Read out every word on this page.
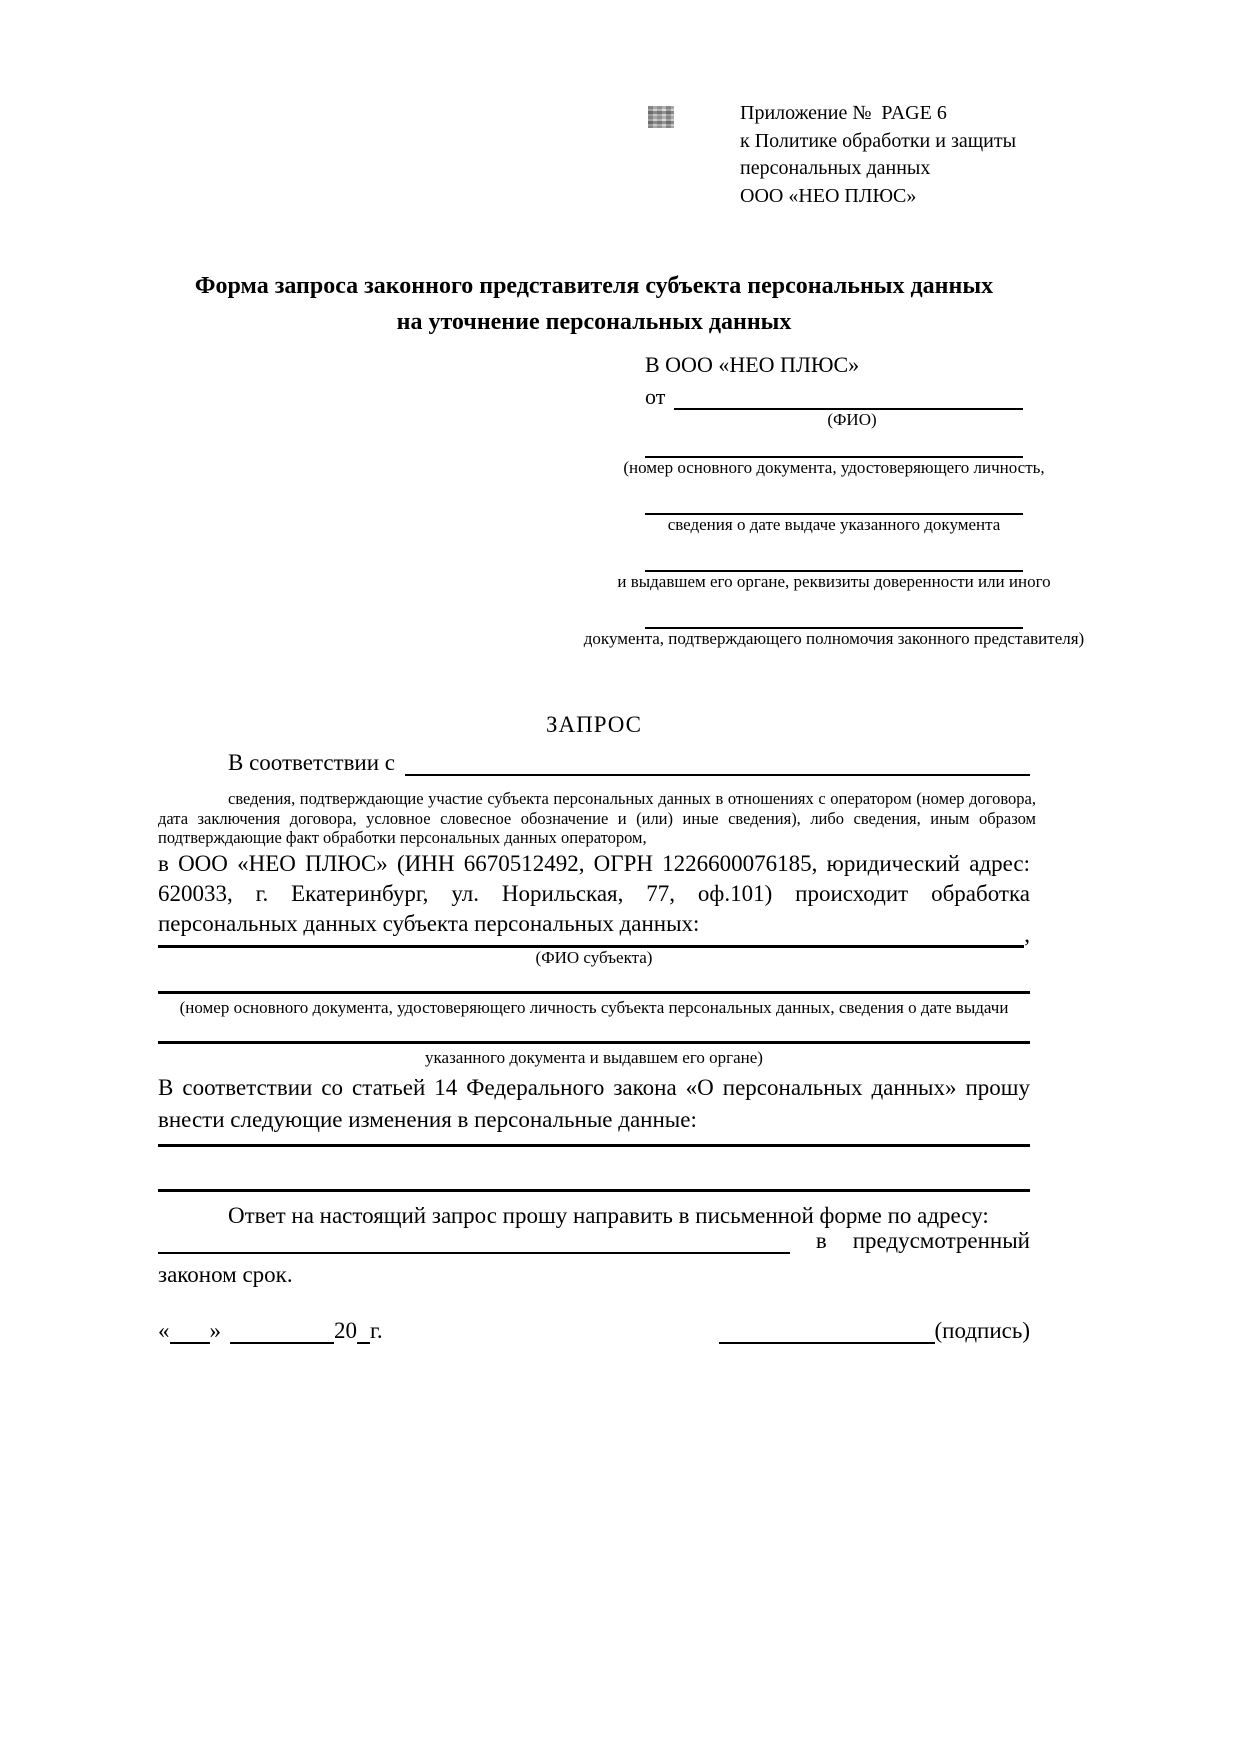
Приложение №  PAGE 6
к Политике обработки и защиты
персональных данных
ООО «НЕО ПЛЮС»
Форма запроса законного представителя субъекта персональных данных
на уточнение персональных данных
В ООО «НЕО ПЛЮС»
от
(ФИО)
(номер основного документа, удостоверяющего личность,
сведения о дате выдаче указанного документа
и выдавшем его органе, реквизиты доверенности или иного
документа, подтверждающего полномочия законного представителя)
ЗАПРОС
В соответствии с
сведения, подтверждающие участие субъекта персональных данных в отношениях с оператором (номер договора, дата заключения договора, условное словесное обозначение и (или) иные сведения), либо сведения, иным образом подтверждающие факт обработки персональных данных оператором,
в ООО «НЕО ПЛЮС» (ИНН 6670512492, ОГРН 1226600076185, юридический адрес: 620033, г. Екатеринбург, ул. Норильская, 77, оф.101) происходит обработка персональных данных субъекта персональных данных:	,
(ФИО субъекта)
(номер основного документа, удостоверяющего личность субъекта персональных данных, сведения о дате выдачи
указанного документа и выдавшем его органе)
В соответствии со статьей 14 Федерального закона «О персональных данных» прошу внести следующие изменения в персональные данные:
Ответ на настоящий запрос прошу направить в письменной форме по адресу:
в предусмотренный
законом срок.
« »	20 г.	(подпись)
